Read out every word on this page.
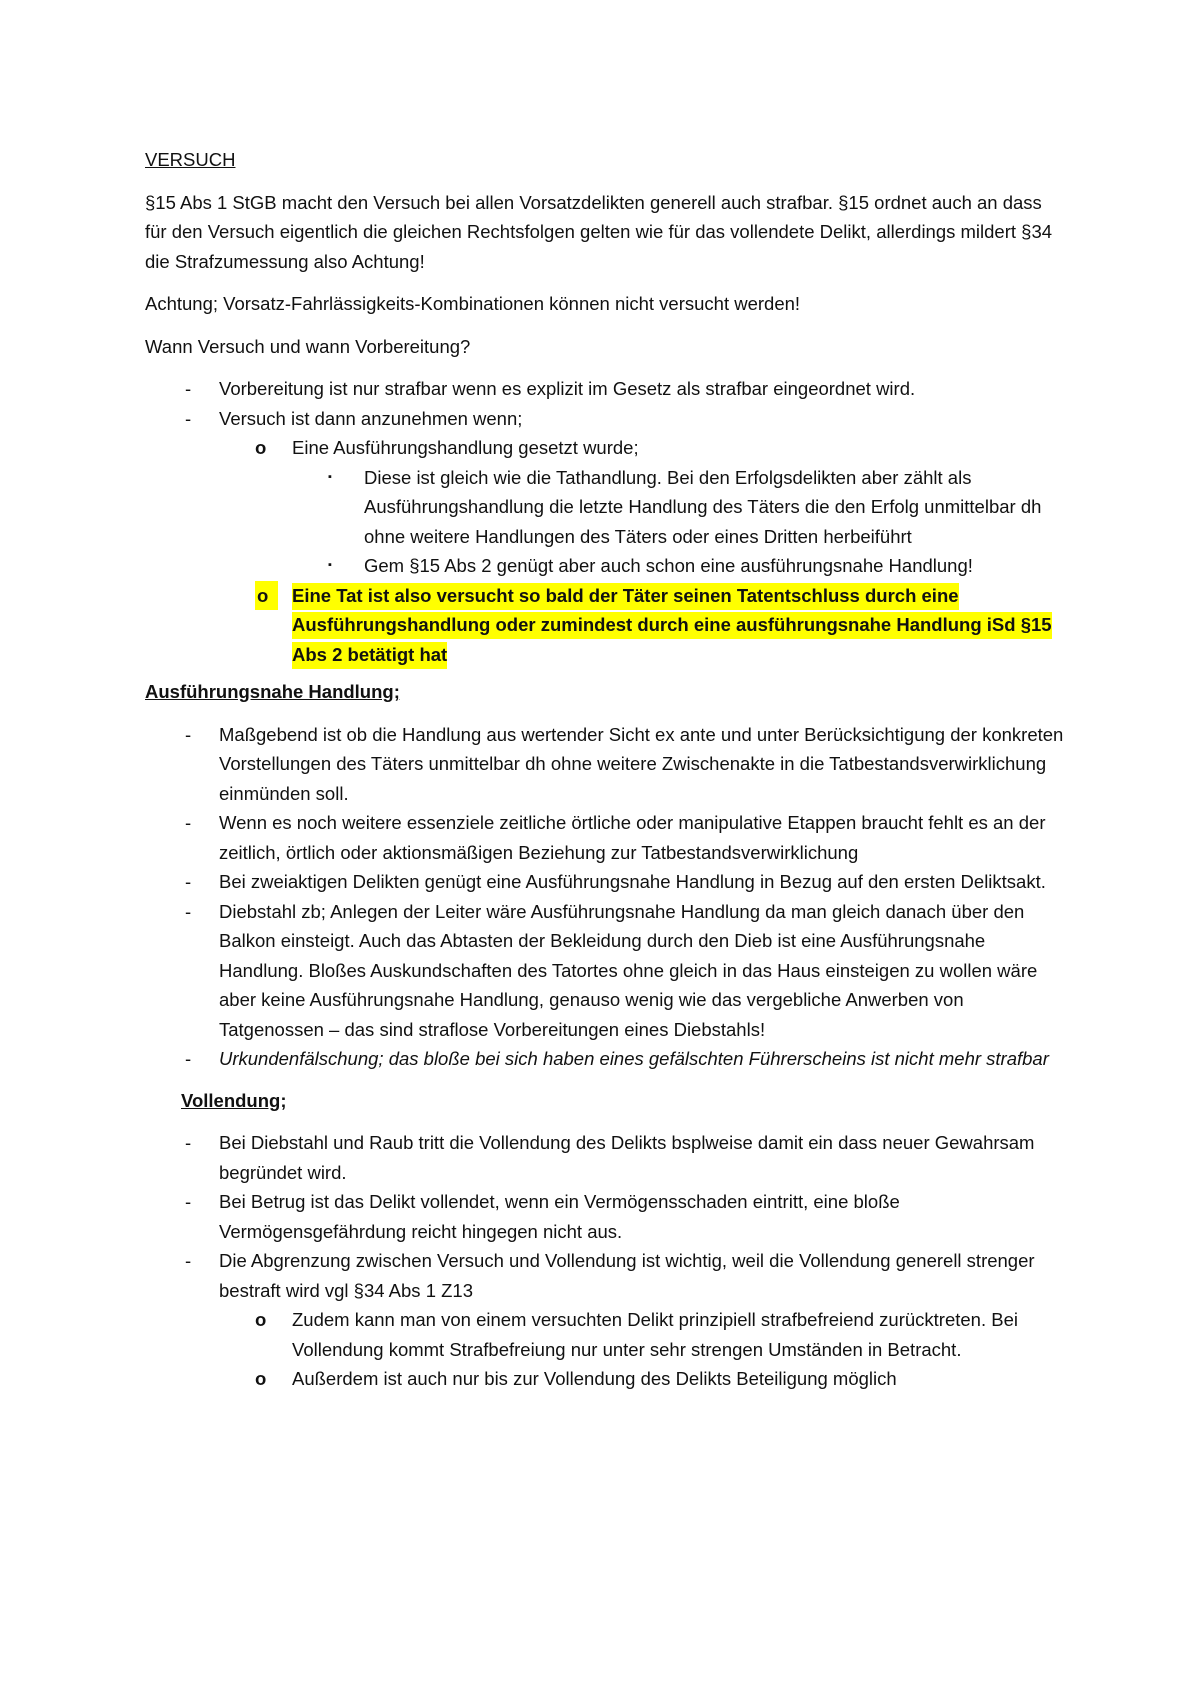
VERSUCH

§15 Abs 1 StGB macht den Versuch bei allen Vorsatzdelikten generell auch strafbar. §15 ordnet auch an dass für den Versuch eigentlich die gleichen Rechtsfolgen gelten wie für das vollendete Delikt, allerdings mildert §34 die Strafzumessung also Achtung!

Achtung; Vorsatz-Fahrlässigkeits-Kombinationen können nicht versucht werden!

Wann Versuch und wann Vorbereitung?

- Vorbereitung ist nur strafbar wenn es explizit im Gesetz als strafbar eingeordnet wird.
- Versuch ist dann anzunehmen wenn;
o Eine Ausführungshandlung gesetzt wurde;
▪ Diese ist gleich wie die Tathandlung. Bei den Erfolgsdelikten aber zählt als Ausführungshandlung die letzte Handlung des Täters die den Erfolg unmittelbar dh ohne weitere Handlungen des Täters oder eines Dritten herbeiführt
▪ Gem §15 Abs 2 genügt aber auch schon eine ausführungsnahe Handlung!
o	Eine Tat ist also versucht so bald der Täter seinen Tatentschluss durch eine Ausführungshandlung oder zumindest durch eine ausführungsnahe Handlung iSd §15 Abs 2 betätigt hat

Ausführungsnahe Handlung;

- Maßgebend ist ob die Handlung aus wertender Sicht ex ante und unter Berücksichtigung der konkreten Vorstellungen des Täters unmittelbar dh ohne weitere Zwischenakte in die Tatbestandsverwirklichung einmünden soll.
- Wenn es noch weitere essenziele zeitliche örtliche oder manipulative Etappen braucht fehlt es an der zeitlich, örtlich oder aktionsmäßigen Beziehung zur Tatbestandsverwirklichung
- Bei zweiaktigen Delikten genügt eine Ausführungsnahe Handlung in Bezug auf den ersten Deliktsakt.
- Diebstahl zb; Anlegen der Leiter wäre Ausführungsnahe Handlung da man gleich danach über den Balkon einsteigt. Auch das Abtasten der Bekleidung durch den Dieb ist eine Ausführungsnahe Handlung. Bloßes Auskundschaften des Tatortes ohne gleich in das Haus einsteigen zu wollen wäre aber keine Ausführungsnahe Handlung, genauso wenig wie das vergebliche Anwerben von Tatgenossen – das sind straflose Vorbereitungen eines Diebstahls!
- Urkundenfälschung; das bloße bei sich haben eines gefälschten Führerscheins ist nicht mehr strafbar

Vollendung;

- Bei Diebstahl und Raub tritt die Vollendung des Delikts bsplweise damit ein dass neuer Gewahrsam begründet wird.
- Bei Betrug ist das Delikt vollendet, wenn ein Vermögensschaden eintritt, eine bloße Vermögensgefährdung reicht hingegen nicht aus.
- Die Abgrenzung zwischen Versuch und Vollendung ist wichtig, weil die Vollendung generell strenger bestraft wird vgl §34 Abs 1 Z13
o Zudem kann man von einem versuchten Delikt prinzipiell strafbefreiend zurücktreten. Bei Vollendung kommt Strafbefreiung nur unter sehr strengen Umständen in Betracht.
o Außerdem ist auch nur bis zur Vollendung des Delikts Beteiligung möglich
